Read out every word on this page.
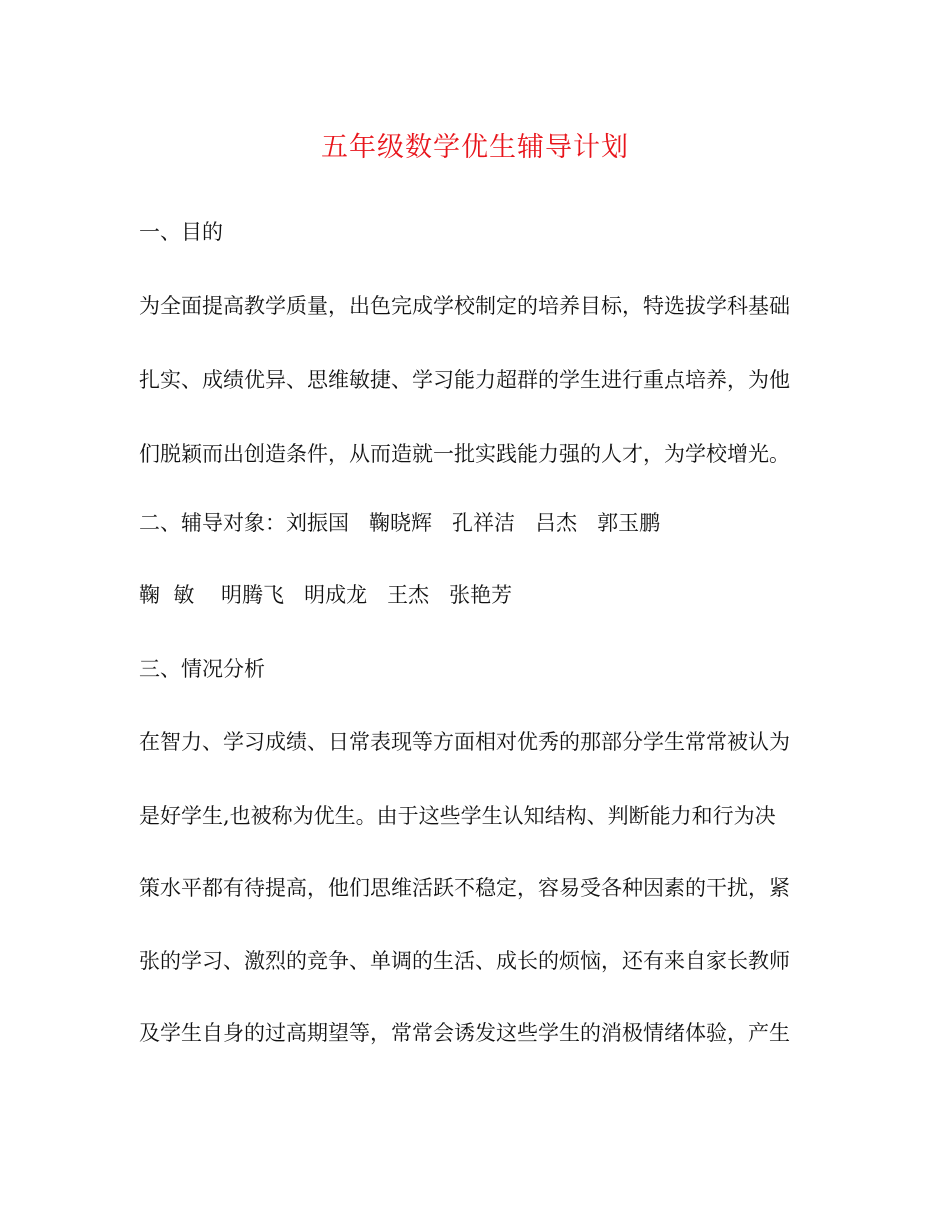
五年级数学优生辅导计划
一、目的
为全面提高教学质量，出色完成学校制定的培养目标，特选拔学科基础
扎实、成绩优异、思维敏捷、学习能力超群的学生进行重点培养，为他
们脱颖而出创造条件，从而造就一批实践能力强的人才，为学校增光。
二、辅导对象：刘振国   鞠晓辉   孔祥洁   吕杰   郭玉鹏
鞠  敏    明腾飞   明成龙   王杰   张艳芳
三、情况分析
在智力、学习成绩、日常表现等方面相对优秀的那部分学生常常被认为
是好学生,也被称为优生。由于这些学生认知结构、判断能力和行为决
策水平都有待提高，他们思维活跃不稳定，容易受各种因素的干扰，紧
张的学习、激烈的竞争、单调的生活、成长的烦恼，还有来自家长教师
及学生自身的过高期望等，常常会诱发这些学生的消极情绪体验，产生
